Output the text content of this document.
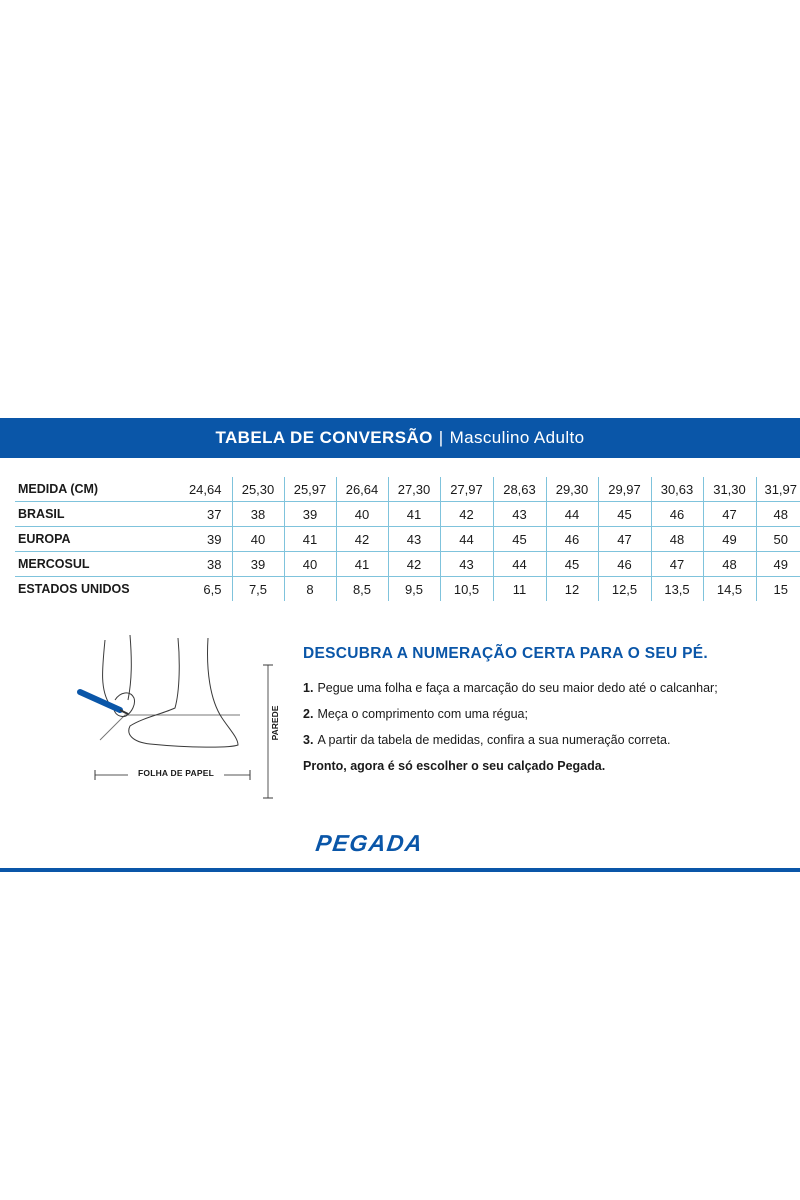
TABELA DE CONVERSÃO | Masculino Adulto
MEDIDA (CM)	24,64	25,30	25,97	26,64	27,30	27,97	28,63	29,30	29,97	30,63	31,30	31,97
BRASIL	37	38	39	40	41	42	43	44	45	46	47	48
EUROPA	39	40	41	42	43	44	45	46	47	48	49	50
MERCOSUL	38	39	40	41	42	43	44	45	46	47	48	49
ESTADOS UNIDOS	6,5	7,5	8	8,5	9,5	10,5	11	12	12,5	13,5	14,5	15
FOLHA DE PAPEL
PAREDE
DESCUBRA A NUMERAÇÃO CERTA PARA O SEU PÉ.
1. Pegue uma folha e faça a marcação do seu maior dedo até o calcanhar;
2. Meça o comprimento com uma régua;
3. A partir da tabela de medidas, confira a sua numeração correta.
Pronto, agora é só escolher o seu calçado Pegada.
PEGADA
